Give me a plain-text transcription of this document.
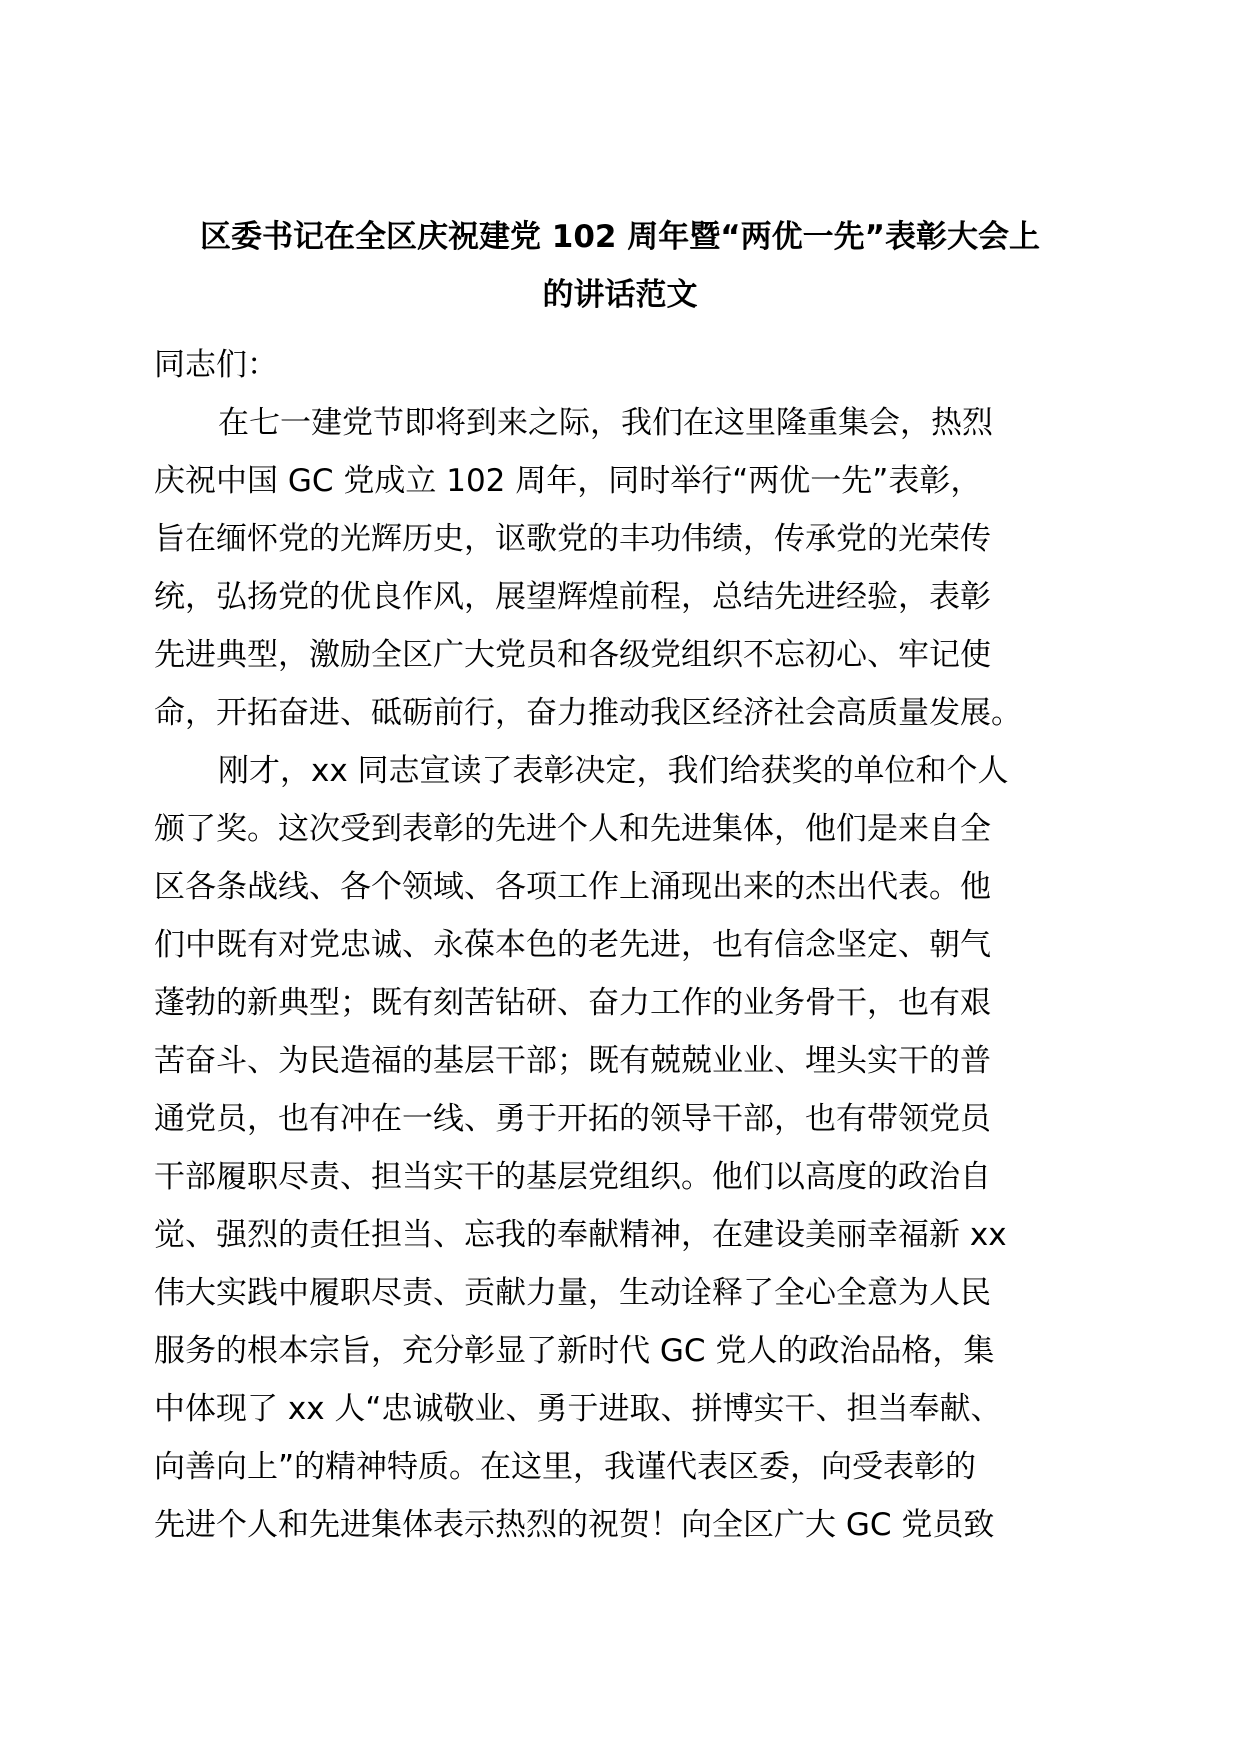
区委书记在全区庆祝建党 102 周年暨“两优一先”表彰大会上
的讲话范文
同志们：

在七一建党节即将到来之际，我们在这里隆重集会，热烈
庆祝中国 GC 党成立 102 周年，同时举行“两优一先”表彰，
旨在缅怀党的光辉历史，讴歌党的丰功伟绩，传承党的光荣传
统，弘扬党的优良作风，展望辉煌前程，总结先进经验，表彰
先进典型，激励全区广大党员和各级党组织不忘初心、牢记使
命，开拓奋进、砥砺前行，奋力推动我区经济社会高质量发展。

刚才，xx 同志宣读了表彰决定，我们给获奖的单位和个人
颁了奖。这次受到表彰的先进个人和先进集体，他们是来自全
区各条战线、各个领域、各项工作上涌现出来的杰出代表。他
们中既有对党忠诚、永葆本色的老先进，也有信念坚定、朝气
蓬勃的新典型；既有刻苦钻研、奋力工作的业务骨干，也有艰
苦奋斗、为民造福的基层干部；既有兢兢业业、埋头实干的普
通党员，也有冲在一线、勇于开拓的领导干部，也有带领党员
干部履职尽责、担当实干的基层党组织。他们以高度的政治自
觉、强烈的责任担当、忘我的奉献精神，在建设美丽幸福新 xx
伟大实践中履职尽责、贡献力量，生动诠释了全心全意为人民
服务的根本宗旨，充分彰显了新时代 GC 党人的政治品格，集
中体现了 xx 人“忠诚敬业、勇于进取、拼博实干、担当奉献、
向善向上”的精神特质。在这里，我谨代表区委，向受表彰的
先进个人和先进集体表示热烈的祝贺！向全区广大 GC 党员致
